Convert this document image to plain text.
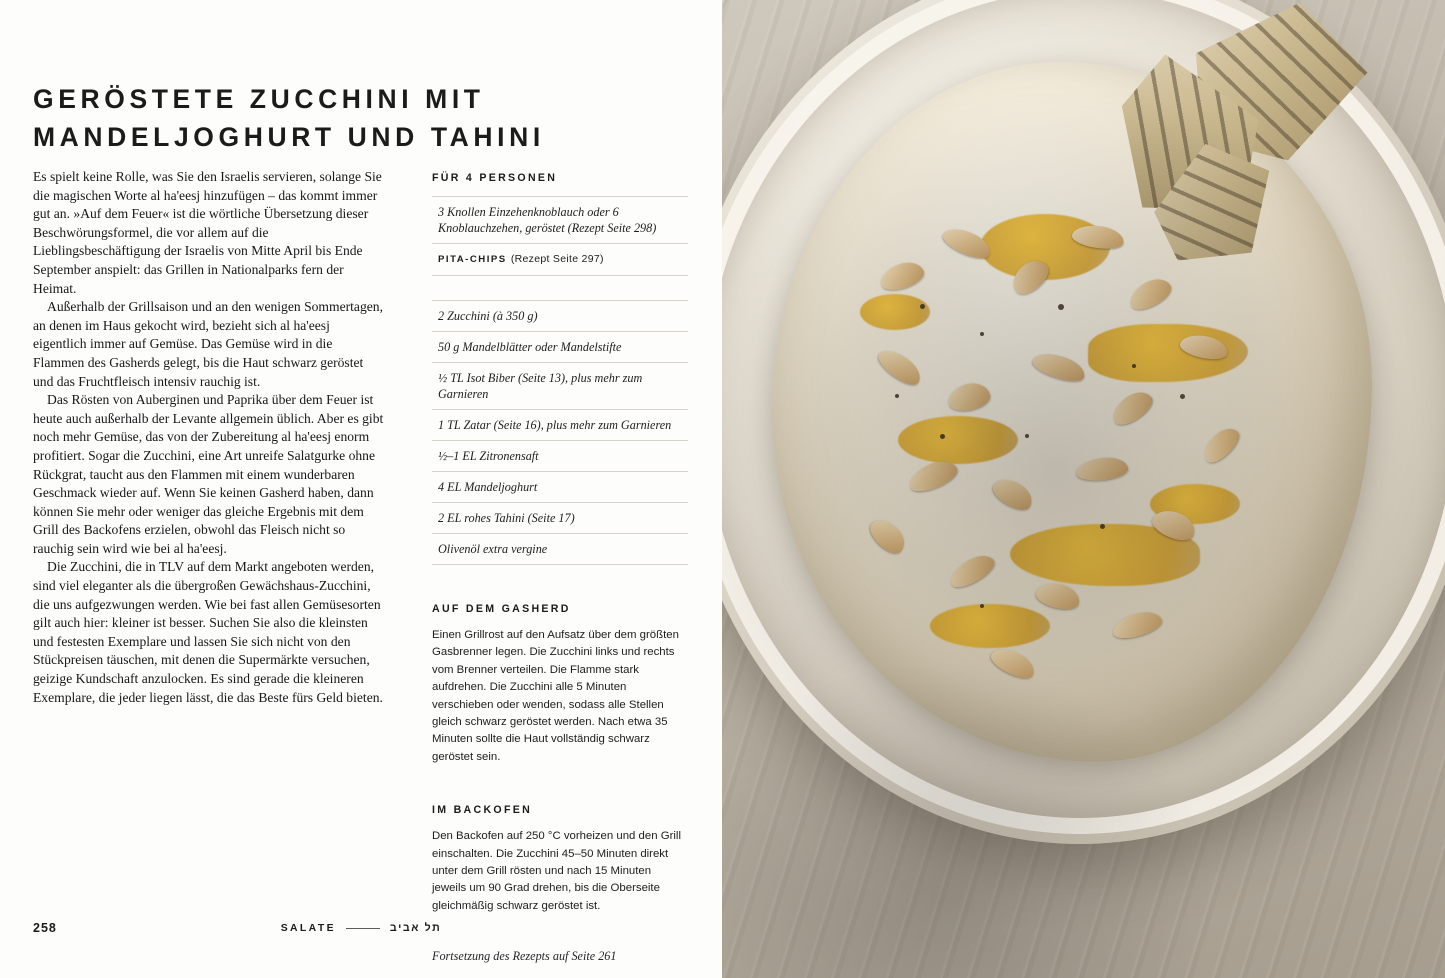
GERÖSTETE ZUCCHINI MIT MANDELJOGHURT UND TAHINI

Es spielt keine Rolle, was Sie den Israelis servieren, solange Sie die magischen Worte al ha'eesj hinzufügen – das kommt immer gut an. »Auf dem Feuer« ist die wörtliche Übersetzung dieser Beschwörungsformel, die vor allem auf die Lieblingsbeschäftigung der Israelis von Mitte April bis Ende September anspielt: das Grillen in Nationalparks fern der Heimat.

Außerhalb der Grillsaison und an den wenigen Sommertagen, an denen im Haus gekocht wird, bezieht sich al ha'eesj eigentlich immer auf Gemüse. Das Gemüse wird in die Flammen des Gasherds gelegt, bis die Haut schwarz geröstet und das Fruchtfleisch intensiv rauchig ist.

Das Rösten von Auberginen und Paprika über dem Feuer ist heute auch außerhalb der Levante allgemein üblich. Aber es gibt noch mehr Gemüse, das von der Zubereitung al ha'eesj enorm profitiert. Sogar die Zucchini, eine Art unreife Salatgurke ohne Rückgrat, taucht aus den Flammen mit einem wunderbaren Geschmack wieder auf. Wenn Sie keinen Gasherd haben, dann können Sie mehr oder weniger das gleiche Ergebnis mit dem Grill des Backofens erzielen, obwohl das Fleisch nicht so rauchig sein wird wie bei al ha'eesj.

Die Zucchini, die in TLV auf dem Markt angeboten werden, sind viel eleganter als die übergroßen Gewächshaus-Zucchini, die uns aufgezwungen werden. Wie bei fast allen Gemüsesorten gilt auch hier: kleiner ist besser. Suchen Sie also die kleinsten und festesten Exemplare und lassen Sie sich nicht von den Stückpreisen täuschen, mit denen die Supermärkte versuchen, geizige Kundschaft anzulocken. Es sind gerade die kleineren Exemplare, die jeder liegen lässt, die das Beste fürs Geld bieten.

FÜR 4 PERSONEN
3 Knollen Einzehenknoblauch oder 6 Knoblauchzehen, geröstet (Rezept Seite 298)
PITA-CHIPS (Rezept Seite 297)
2 Zucchini (à 350 g)
50 g Mandelblätter oder Mandelstifte
½ TL Isot Biber (Seite 13), plus mehr zum Garnieren
1 TL Zatar (Seite 16), plus mehr zum Garnieren
½–1 EL Zitronensaft
4 EL Mandeljoghurt
2 EL rohes Tahini (Seite 17)
Olivenöl extra vergine
AUF DEM GASHERD

Einen Grillrost auf den Aufsatz über dem größten Gasbrenner legen. Die Zucchini links und rechts vom Brenner verteilen. Die Flamme stark aufdrehen. Die Zucchini alle 5 Minuten verschieben oder wenden, sodass alle Stellen gleich schwarz geröstet werden. Nach etwa 35 Minuten sollte die Haut vollständig schwarz geröstet sein.

IM BACKOFEN

Den Backofen auf 250 °C vorheizen und den Grill einschalten. Die Zucchini 45–50 Minuten direkt unter dem Grill rösten und nach 15 Minuten jeweils um 90 Grad drehen, bis die Oberseite gleichmäßig schwarz geröstet ist.

Fortsetzung des Rezepts auf Seite 261
258	SALATE	תל אביב
